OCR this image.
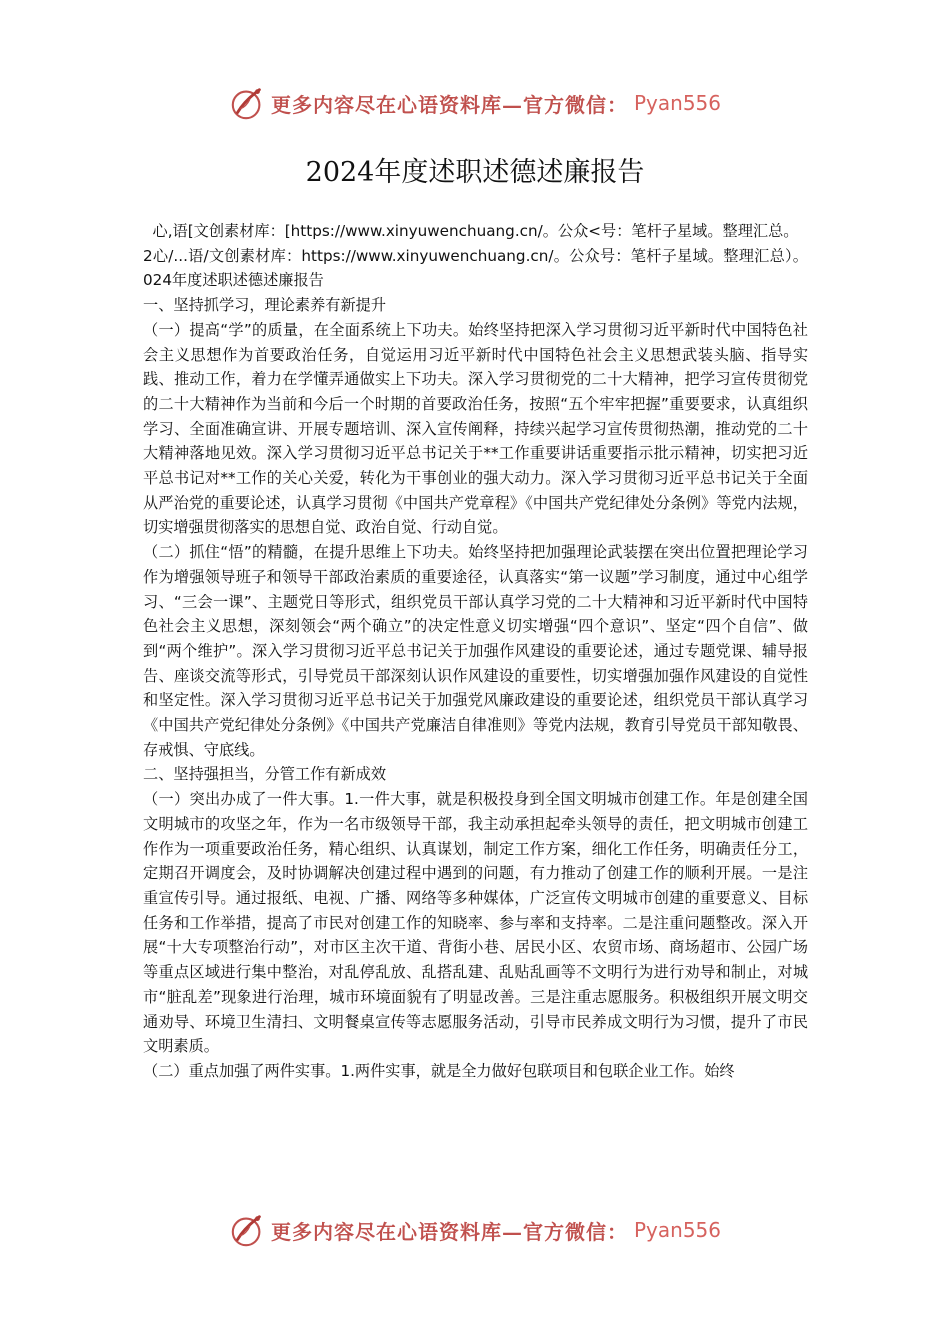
更多内容尽在心语资料库—官方微信： Pyan556
2024年度述职述德述廉报告

心,语[文创素材库：[https://www.xinyuwenchuang.cn/。公众<号：笔杆子星域。整理汇总。

2心/...语/文创素材库：https://www.xinyuwenchuang.cn/。公众号：笔杆子星域。整理汇总）。024年度述职述德述廉报告

一、坚持抓学习，理论素养有新提升

（一）提高“学”的质量，在全面系统上下功夫。始终坚持把深入学习贯彻习近平新时代中国特色社会主义思想作为首要政治任务，自觉运用习近平新时代中国特色社会主义思想武装头脑、指导实践、推动工作，着力在学懂弄通做实上下功夫。深入学习贯彻党的二十大精神，把学习宣传贯彻党的二十大精神作为当前和今后一个时期的首要政治任务，按照“五个牢牢把握”重要要求，认真组织学习、全面准确宣讲、开展专题培训、深入宣传阐释，持续兴起学习宣传贯彻热潮，推动党的二十大精神落地见效。深入学习贯彻习近平总书记关于**工作重要讲话重要指示批示精神，切实把习近平总书记对**工作的关心关爱，转化为干事创业的强大动力。深入学习贯彻习近平总书记关于全面从严治党的重要论述，认真学习贯彻《中国共产党章程》《中国共产党纪律处分条例》等党内法规，切实增强贯彻落实的思想自觉、政治自觉、行动自觉。

（二）抓住“悟”的精髓，在提升思维上下功夫。始终坚持把加强理论武装摆在突出位置把理论学习作为增强领导班子和领导干部政治素质的重要途径，认真落实“第一议题”学习制度，通过中心组学习、“三会一课”、主题党日等形式，组织党员干部认真学习党的二十大精神和习近平新时代中国特色社会主义思想，深刻领会“两个确立”的决定性意义切实增强“四个意识”、坚定“四个自信”、做到“两个维护”。深入学习贯彻习近平总书记关于加强作风建设的重要论述，通过专题党课、辅导报告、座谈交流等形式，引导党员干部深刻认识作风建设的重要性，切实增强加强作风建设的自觉性和坚定性。深入学习贯彻习近平总书记关于加强党风廉政建设的重要论述，组织党员干部认真学习《中国共产党纪律处分条例》《中国共产党廉洁自律准则》等党内法规，教育引导党员干部知敬畏、存戒惧、守底线。

二、坚持强担当，分管工作有新成效

（一）突出办成了一件大事。1.一件大事，就是积极投身到全国文明城市创建工作。年是创建全国文明城市的攻坚之年，作为一名市级领导干部，我主动承担起牵头领导的责任，把文明城市创建工作作为一项重要政治任务，精心组织、认真谋划，制定工作方案，细化工作任务，明确责任分工，定期召开调度会，及时协调解决创建过程中遇到的问题，有力推动了创建工作的顺利开展。一是注重宣传引导。通过报纸、电视、广播、网络等多种媒体，广泛宣传文明城市创建的重要意义、目标任务和工作举措，提高了市民对创建工作的知晓率、参与率和支持率。二是注重问题整改。深入开展“十大专项整治行动”，对市区主次干道、背街小巷、居民小区、农贸市场、商场超市、公园广场等重点区域进行集中整治，对乱停乱放、乱搭乱建、乱贴乱画等不文明行为进行劝导和制止，对城市“脏乱差”现象进行治理，城市环境面貌有了明显改善。三是注重志愿服务。积极组织开展文明交通劝导、环境卫生清扫、文明餐桌宣传等志愿服务活动，引导市民养成文明行为习惯，提升了市民文明素质。

（二）重点加强了两件实事。1.两件实事，就是全力做好包联项目和包联企业工作。始终

更多内容尽在心语资料库—官方微信： Pyan556
